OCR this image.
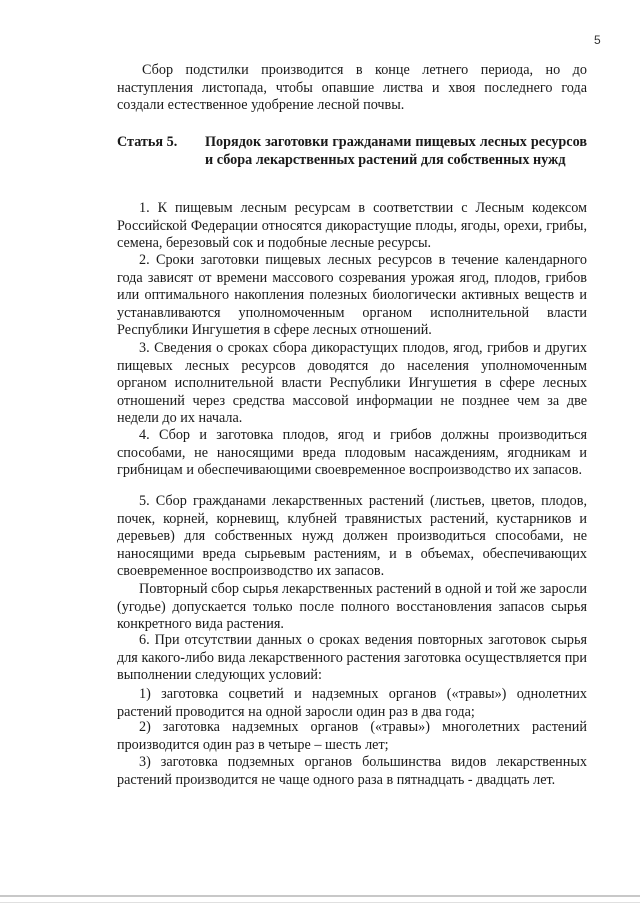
5

Сбор подстилки производится в конце летнего периода, но до наступления листопада, чтобы опавшие листва и хвоя последнего года создали естественное удобрение лесной почвы.

Статья 5.	Порядок заготовки гражданами пищевых лесных ресурсов и сбора лекарственных растений для собственных нужд

1. К пищевым лесным ресурсам в соответствии с Лесным кодексом Российской Федерации относятся дикорастущие плоды, ягоды, орехи, грибы, семена, березовый сок и подобные лесные ресурсы.

2. Сроки заготовки пищевых лесных ресурсов в течение календарного года зависят от времени массового созревания урожая ягод, плодов, грибов или оптимального накопления полезных биологически активных веществ и устанавливаются уполномоченным органом исполнительной власти Республики Ингушетия в сфере лесных отношений.

3. Сведения о сроках сбора дикорастущих плодов, ягод, грибов и других пищевых лесных ресурсов доводятся до населения уполномоченным органом исполнительной власти Республики Ингушетия в сфере лесных отношений через средства массовой информации не позднее чем за две недели до их начала.

4. Сбор и заготовка плодов, ягод и грибов должны производиться способами, не наносящими вреда плодовым насаждениям, ягодникам и грибницам и обеспечивающими своевременное воспроизводство их запасов.

5. Сбор гражданами лекарственных растений (листьев, цветов, плодов, почек, корней, корневищ, клубней травянистых растений, кустарников и деревьев) для собственных нужд должен производиться способами, не наносящими вреда сырьевым растениям, и в объемах, обеспечивающих своевременное воспроизводство их запасов.

Повторный сбор сырья лекарственных растений в одной и той же заросли (угодье) допускается только после полного восстановления запасов сырья конкретного вида растения.

6. При отсутствии данных о сроках ведения повторных заготовок сырья для какого-либо вида лекарственного растения заготовка осуществляется при выполнении следующих условий:

1) заготовка соцветий и надземных органов («травы») однолетних растений проводится на одной заросли один раз в два года;

2) заготовка надземных органов («травы») многолетних растений производится один раз в четыре – шесть лет;

3) заготовка подземных органов большинства видов лекарственных растений производится не чаще одного раза в пятнадцать - двадцать лет.
